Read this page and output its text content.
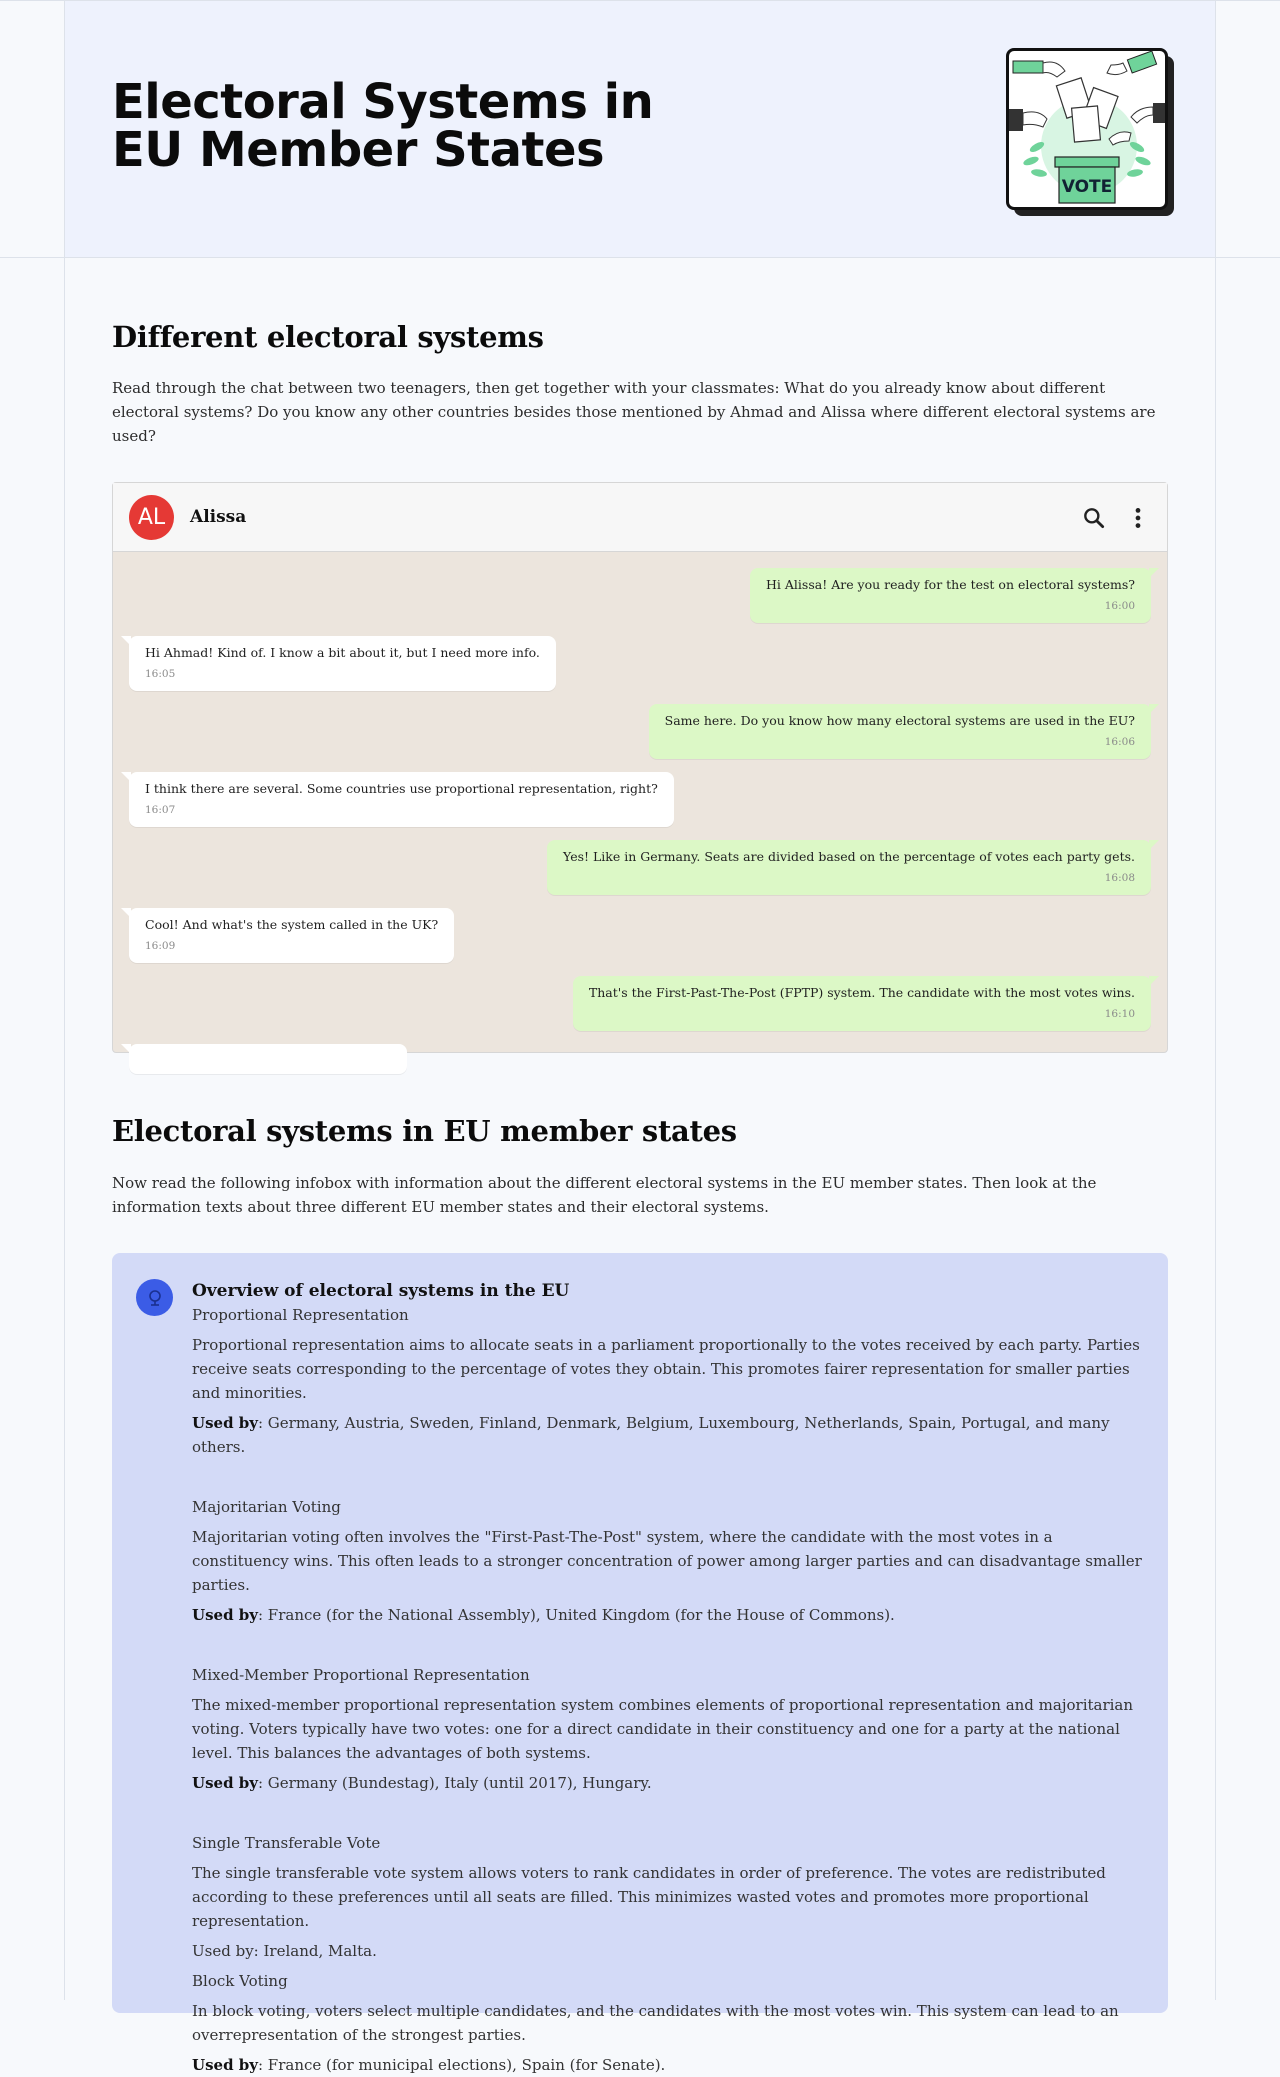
Electoral Systems in EU Member States
VOTE
Different electoral systems

Read through the chat between two teenagers, then get together with your classmates: What do you already know about different electoral systems? Do you know any other countries besides those mentioned by Ahmad and Alissa where different electoral systems are used?

AL	Alissa
Hi Alissa! Are you ready for the test on electoral systems?
16:00
Hi Ahmad! Kind of. I know a bit about it, but I need more info.
16:05
Same here. Do you know how many electoral systems are used in the EU?
16:06
I think there are several. Some countries use proportional representation, right?
16:07
Yes! Like in Germany. Seats are divided based on the percentage of votes each party gets.
16:08
Cool! And what's the system called in the UK?
16:09
That's the First-Past-The-Post (FPTP) system. The candidate with the most votes wins.
16:10
Electoral systems in EU member states

Now read the following infobox with information about the different electoral systems in the EU member states. Then look at the information texts about three different EU member states and their electoral systems.

Overview of electoral systems in the EU
Proportional Representation
Proportional representation aims to allocate seats in a parliament proportionally to the votes received by each party. Parties receive seats corresponding to the percentage of votes they obtain. This promotes fairer representation for smaller parties and minorities.
Used by: Germany, Austria, Sweden, Finland, Denmark, Belgium, Luxembourg, Netherlands, Spain, Portugal, and many others.
Majoritarian Voting
Majoritarian voting often involves the "First-Past-The-Post" system, where the candidate with the most votes in a constituency wins. This often leads to a stronger concentration of power among larger parties and can disadvantage smaller parties.
Used by: France (for the National Assembly), United Kingdom (for the House of Commons).
Mixed-Member Proportional Representation
The mixed-member proportional representation system combines elements of proportional representation and majoritarian voting. Voters typically have two votes: one for a direct candidate in their constituency and one for a party at the national level. This balances the advantages of both systems.
Used by: Germany (Bundestag), Italy (until 2017), Hungary.
Single Transferable Vote
The single transferable vote system allows voters to rank candidates in order of preference. The votes are redistributed according to these preferences until all seats are filled. This minimizes wasted votes and promotes more proportional representation.
Used by: Ireland, Malta.
Block Voting
In block voting, voters select multiple candidates, and the candidates with the most votes win. This system can lead to an overrepresentation of the strongest parties.
Used by: France (for municipal elections), Spain (for Senate).
